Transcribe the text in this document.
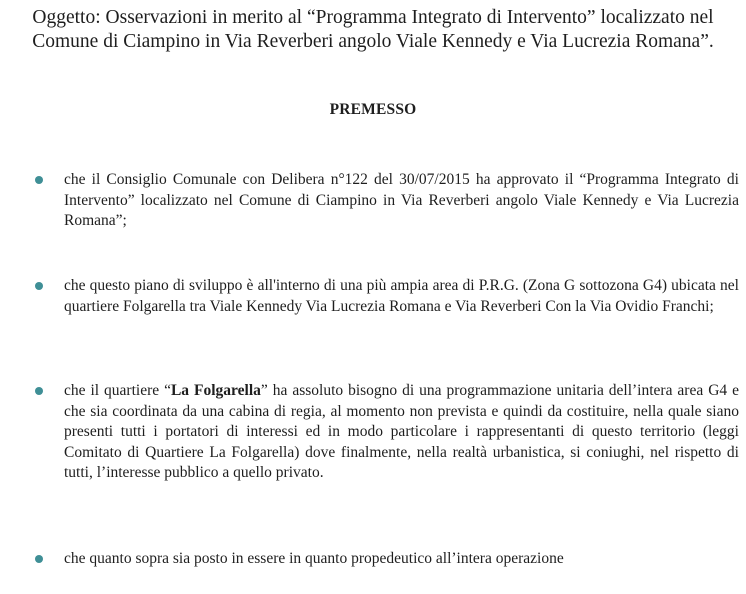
Oggetto: Osservazioni in merito al “Programma Integrato di Intervento” localizzato nel
Comune di Ciampino in Via Reverberi angolo Viale Kennedy e Via Lucrezia Romana”.
PREMESSO

che il Consiglio Comunale con Delibera n°122 del 30/07/2015 ha approvato il “Programma Integrato di Intervento” localizzato nel Comune di Ciampino in Via Reverberi angolo Viale Kennedy e Via Lucrezia Romana”;

che questo piano di sviluppo è all'interno di una più ampia area di P.R.G. (Zona G sottozona G4) ubicata nel quartiere Folgarella tra Viale Kennedy Via Lucrezia Romana e Via Reverberi Con la Via Ovidio Franchi;

che il quartiere “La Folgarella” ha assoluto bisogno di una programmazione unitaria dell’intera area G4 e che sia coordinata da una cabina di regia, al momento non prevista e quindi da costituire, nella quale siano presenti tutti i portatori di interessi ed in modo particolare i rappresentanti di questo territorio (leggi Comitato di Quartiere La Folgarella) dove finalmente, nella realtà urbanistica, si coniughi, nel rispetto di tutti, l’interesse pubblico a quello privato.

che quanto sopra sia posto in essere in quanto propedeutico all’intera operazione
